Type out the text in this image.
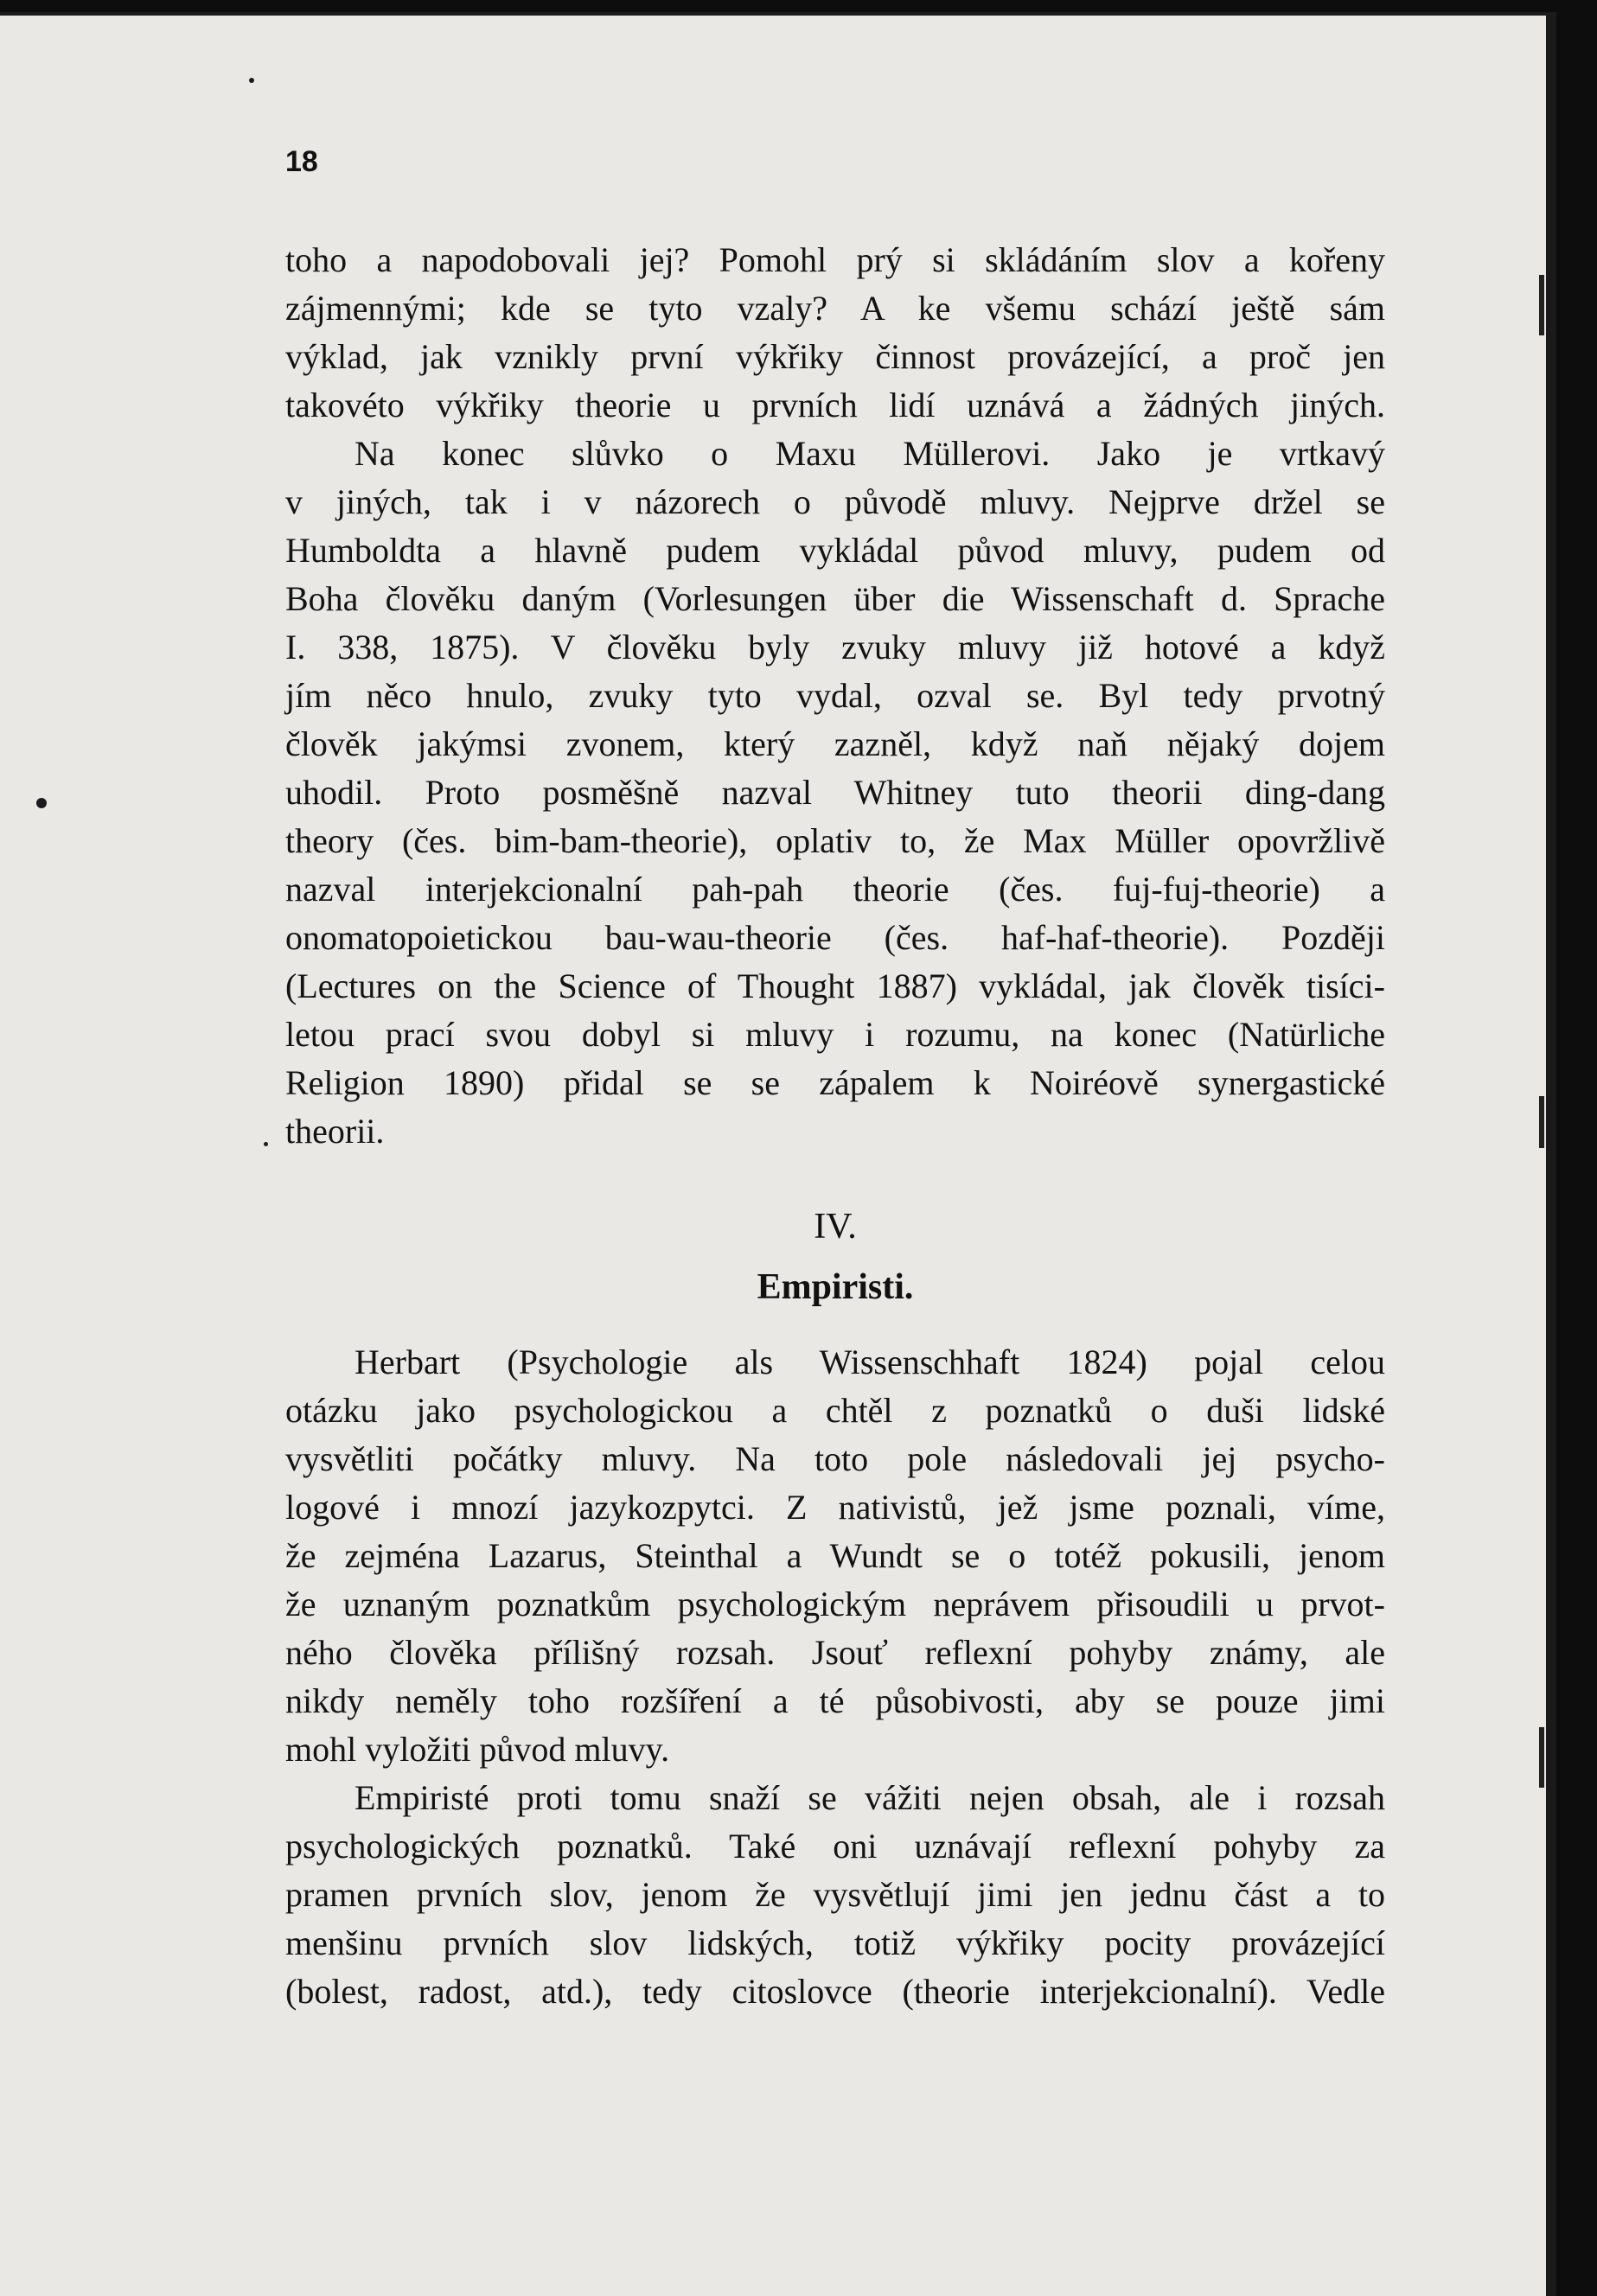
18
toho a napodobovali jej? Pomohl prý si skládáním slov a kořeny
zájmennými; kde se tyto vzaly? A ke všemu schází ještě sám
výklad, jak vznikly první výkřiky činnost provázející, a proč jen
takovéto výkřiky theorie u prvních lidí uznává a žádných jiných.
Na konec slůvko o Maxu Müllerovi. Jako je vrtkavý
v jiných, tak i v názorech o původě mluvy. Nejprve držel se
Humboldta a hlavně pudem vykládal původ mluvy, pudem od
Boha člověku daným (Vorlesungen über die Wissenschaft d. Sprache
I. 338, 1875). V člověku byly zvuky mluvy již hotové a když
jím něco hnulo, zvuky tyto vydal, ozval se. Byl tedy prvotný
člověk jakýmsi zvonem, který zazněl, když naň nějaký dojem
uhodil. Proto posměšně nazval Whitney tuto theorii ding-dang
theory (čes. bim-bam-theorie), oplativ to, že Max Müller opovržlivě
nazval interjekcionalní pah-pah theorie (čes. fuj-fuj-theorie) a
onomatopoietickou bau-wau-theorie (čes. haf-haf-theorie). Později
(Lectures on the Science of Thought 1887) vykládal, jak člověk tisíci-
letou prací svou dobyl si mluvy i rozumu, na konec (Natürliche
Religion 1890) přidal se se zápalem k Noiréově synergastické
theorii.
IV.
Empiristi.
Herbart (Psychologie als Wissenschhaft 1824) pojal celou
otázku jako psychologickou a chtěl z poznatků o duši lidské
vysvětliti počátky mluvy. Na toto pole následovali jej psycho-
logové i mnozí jazykozpytci. Z nativistů, jež jsme poznali, víme,
že zejména Lazarus, Steinthal a Wundt se o totéž pokusili, jenom
že uznaným poznatkům psychologickým neprávem přisoudili u prvot-
ného člověka přílišný rozsah. Jsouť reflexní pohyby známy, ale
nikdy neměly toho rozšíření a té působivosti, aby se pouze jimi
mohl vyložiti původ mluvy.
Empiristé proti tomu snaží se vážiti nejen obsah, ale i rozsah
psychologických poznatků. Také oni uznávají reflexní pohyby za
pramen prvních slov, jenom že vysvětlují jimi jen jednu část a to
menšinu prvních slov lidských, totiž výkřiky pocity provázející
(bolest, radost, atd.), tedy citoslovce (theorie interjekcionalní). Vedle
